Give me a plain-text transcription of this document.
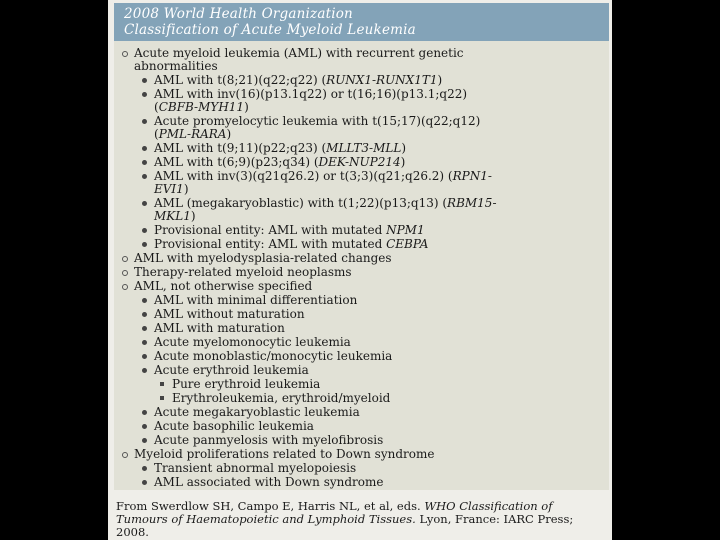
2008 World Health Organization
Classification of Acute Myeloid Leukemia
Acute myeloid leukemia (AML) with recurrent genetic
abnormalities
AML with t(8;21)(q22;q22) (RUNX1-RUNX1T1)
AML with inv(16)(p13.1q22) or t(16;16)(p13.1;q22)
(CBFB-MYH11)
Acute promyelocytic leukemia with t(15;17)(q22;q12)
(PML-RARA)
AML with t(9;11)(p22;q23) (MLLT3-MLL)
AML with t(6;9)(p23;q34) (DEK-NUP214)
AML with inv(3)(q21q26.2) or t(3;3)(q21;q26.2) (RPN1-
EVI1)
AML (megakaryoblastic) with t(1;22)(p13;q13) (RBM15-
MKL1)
Provisional entity: AML with mutated NPM1
Provisional entity: AML with mutated CEBPA
AML with myelodysplasia-related changes
Therapy-related myeloid neoplasms
AML, not otherwise specified
AML with minimal differentiation
AML without maturation
AML with maturation
Acute myelomonocytic leukemia
Acute monoblastic/monocytic leukemia
Acute erythroid leukemia
Pure erythroid leukemia
Erythroleukemia, erythroid/myeloid
Acute megakaryoblastic leukemia
Acute basophilic leukemia
Acute panmyelosis with myelofibrosis
Myeloid proliferations related to Down syndrome
Transient abnormal myelopoiesis
AML associated with Down syndrome
From Swerdlow SH, Campo E, Harris NL, et al, eds. WHO Classification of
Tumours of Haematopoietic and Lymphoid Tissues. Lyon, France: IARC Press;
2008.
